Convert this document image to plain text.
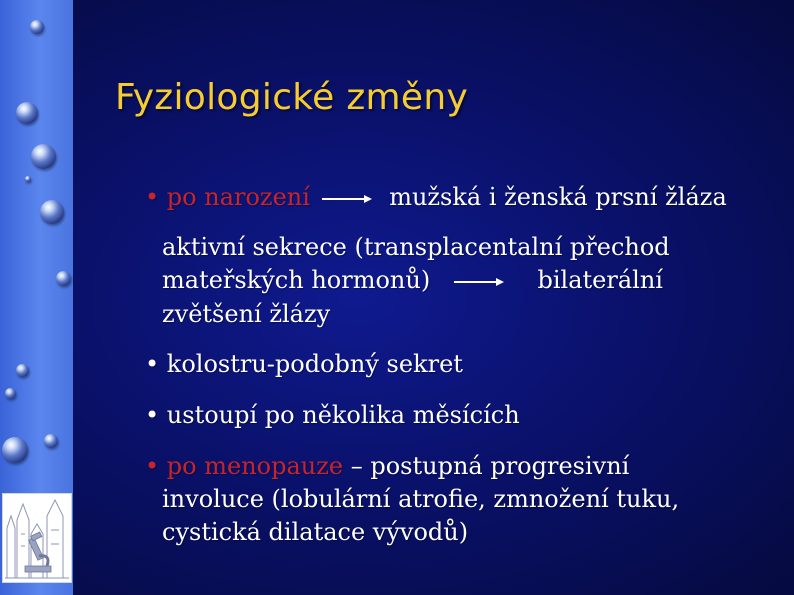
Fyziologické změny
• po narození	mužská i ženská prsní žláza
aktivní sekrece (transplacentalní přechod
mateřských hormonů)	bilaterální
zvětšení žlázy
• kolostru-podobný sekret
• ustoupí po několika měsících
• po menopauze – postupná progresivní
involuce (lobulární atrofie, zmnožení tuku,
cystická dilatace vývodů)
